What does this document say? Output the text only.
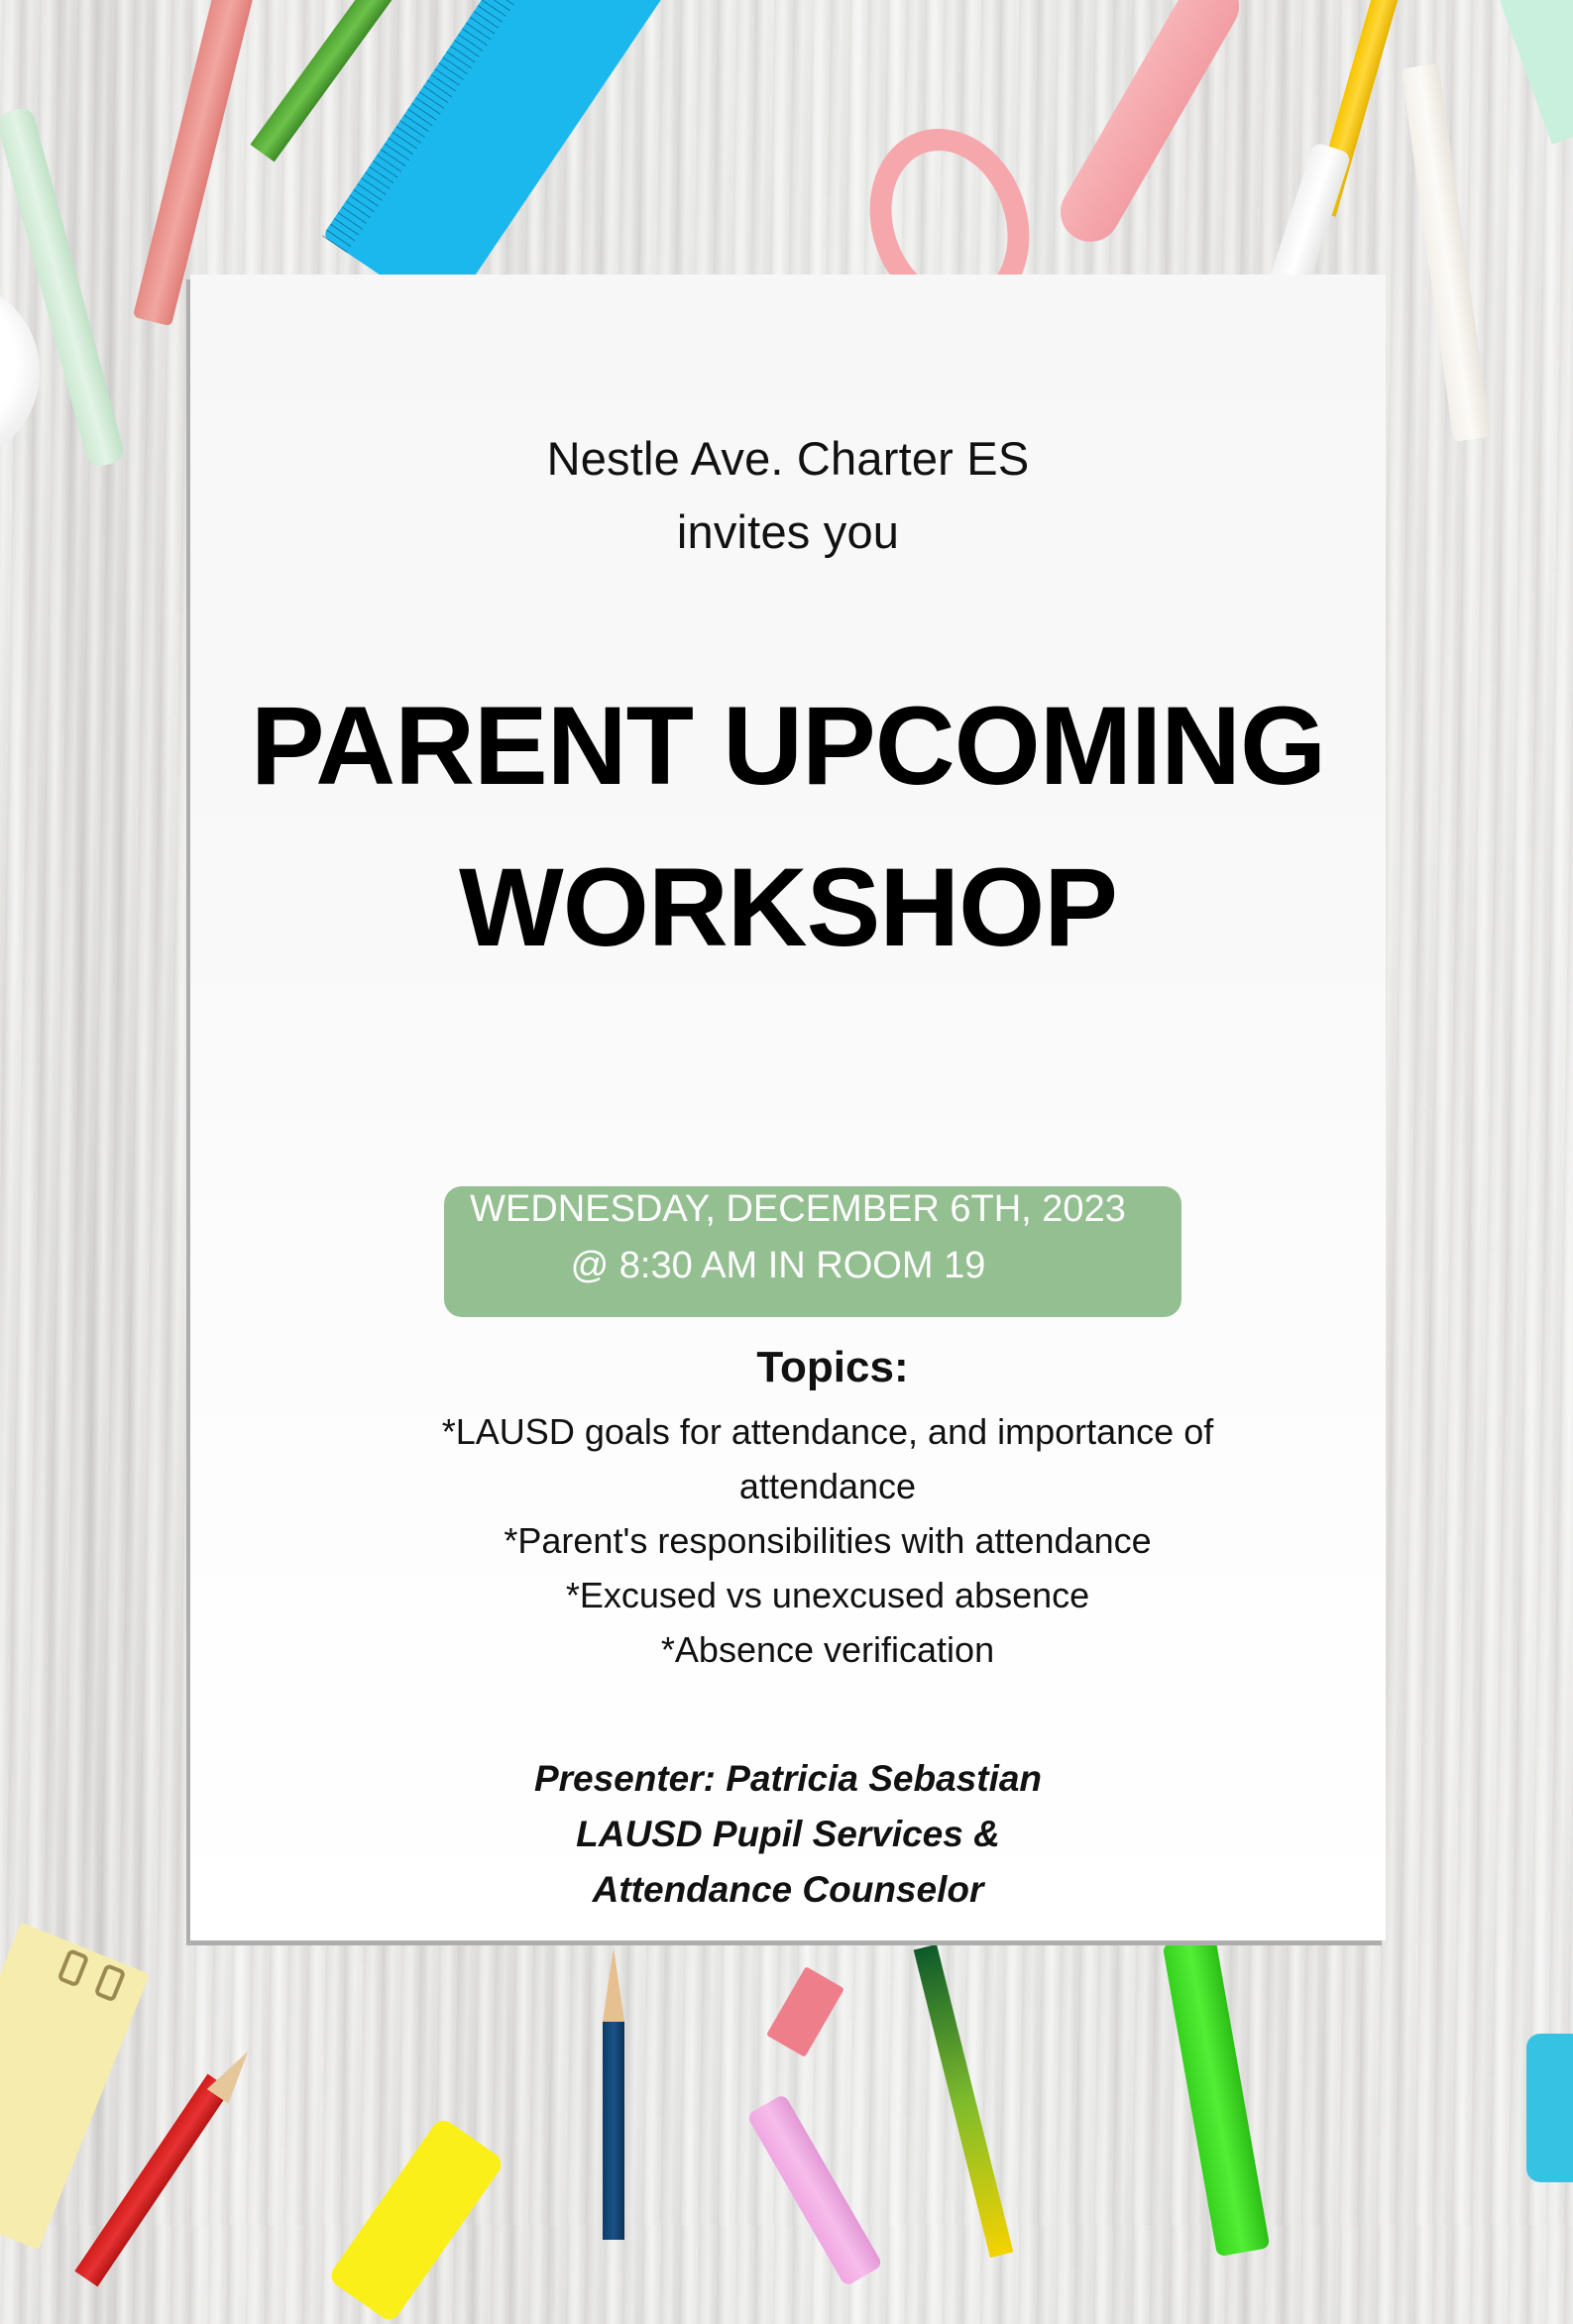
Nestle Ave. Charter ES
invites you
PARENT UPCOMING
WORKSHOP
WEDNESDAY, DECEMBER 6TH, 2023
@ 8:30 AM IN ROOM 19
Topics:
*LAUSD goals for attendance, and importance of attendance
*Parent's responsibilities with attendance
*Excused vs unexcused absence
*Absence verification
Presenter: Patricia Sebastian
LAUSD Pupil Services &
Attendance Counselor
